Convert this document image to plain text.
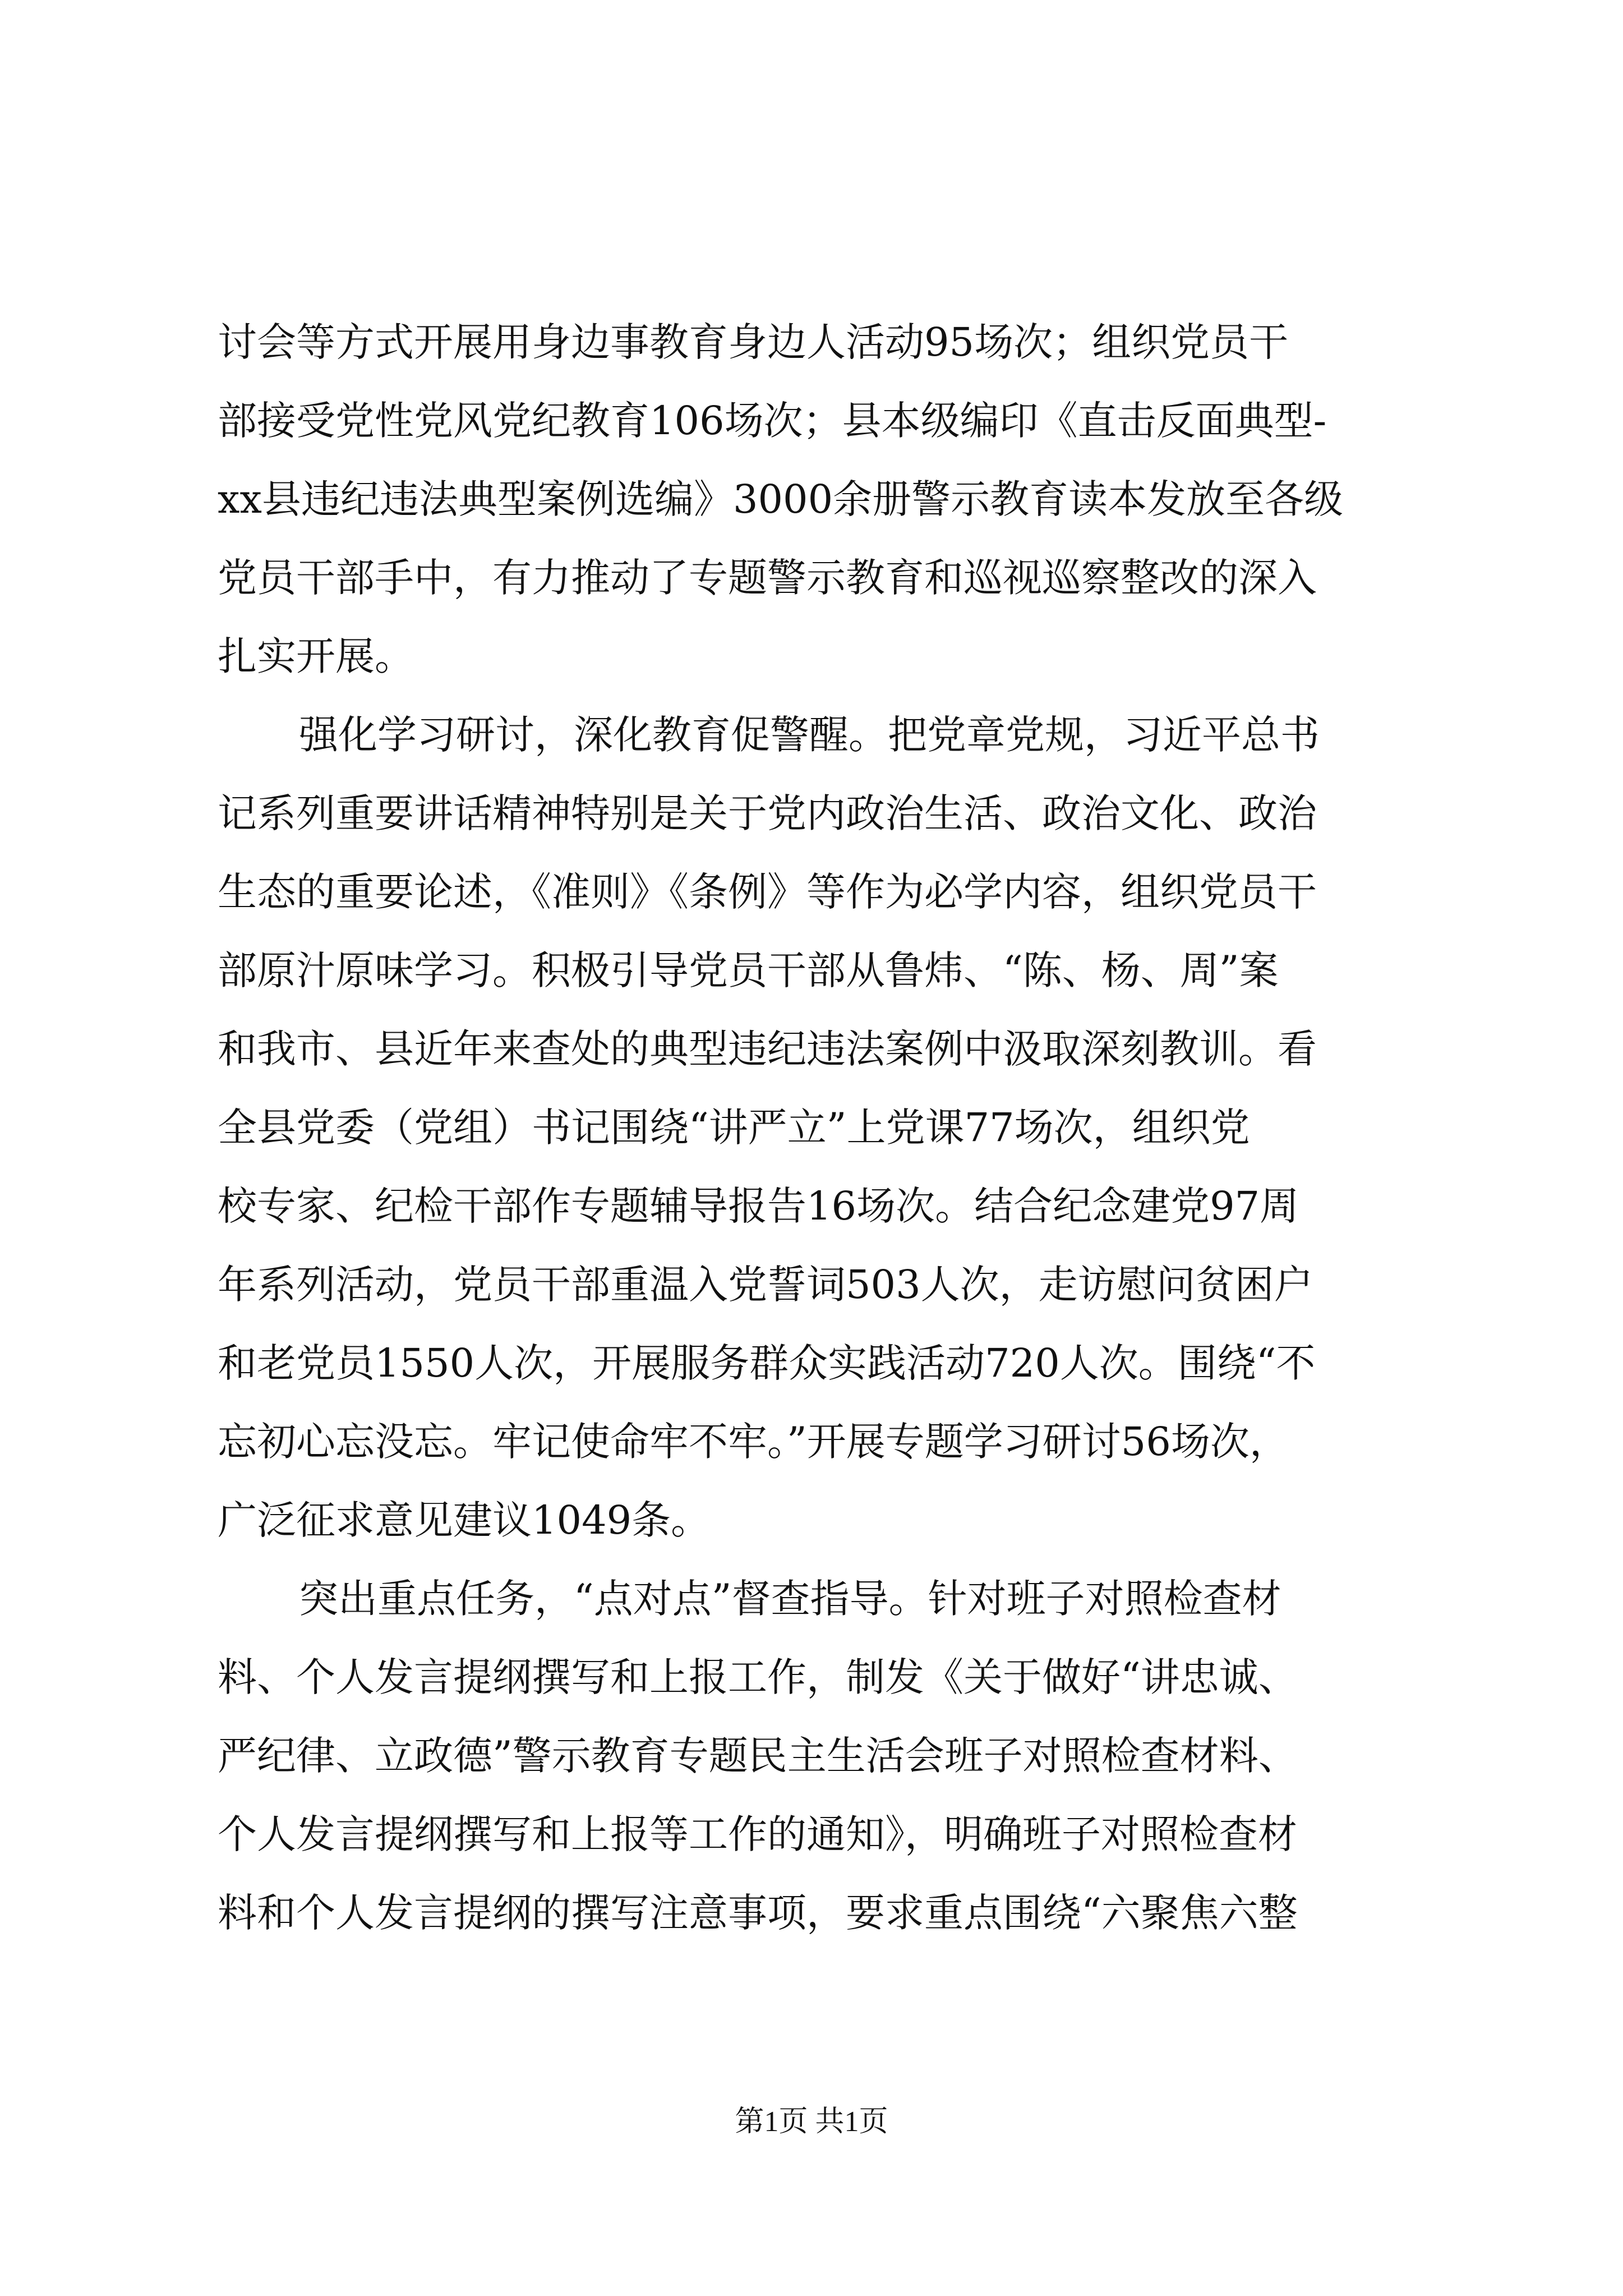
讨会等方式开展用身边事教育身边人活动95场次；组织党员干
部接受党性党风党纪教育106场次；县本级编印《直击反面典型-
xx县违纪违法典型案例选编》3000余册警示教育读本发放至各级
党员干部手中，有力推动了专题警示教育和巡视巡察整改的深入
扎实开展。
强化学习研讨，深化教育促警醒。把党章党规，习近平总书
记系列重要讲话精神特别是关于党内政治生活、政治文化、政治
生态的重要论述，《准则》《条例》等作为必学内容，组织党员干
部原汁原味学习。积极引导党员干部从鲁炜、“陈、杨、周”案
和我市、县近年来查处的典型违纪违法案例中汲取深刻教训。看
全县党委（党组）书记围绕“讲严立”上党课77场次，组织党
校专家、纪检干部作专题辅导报告16场次。结合纪念建党97周
年系列活动，党员干部重温入党誓词503人次，走访慰问贫困户
和老党员1550人次，开展服务群众实践活动720人次。围绕“不
忘初心忘没忘。牢记使命牢不牢。”开展专题学习研讨56场次，
广泛征求意见建议1049条。
突出重点任务，“点对点”督查指导。针对班子对照检查材
料、个人发言提纲撰写和上报工作，制发《关于做好“讲忠诚、
严纪律、立政德”警示教育专题民主生活会班子对照检查材料、
个人发言提纲撰写和上报等工作的通知》，明确班子对照检查材
料和个人发言提纲的撰写注意事项，要求重点围绕“六聚焦六整
第1页 共1页
